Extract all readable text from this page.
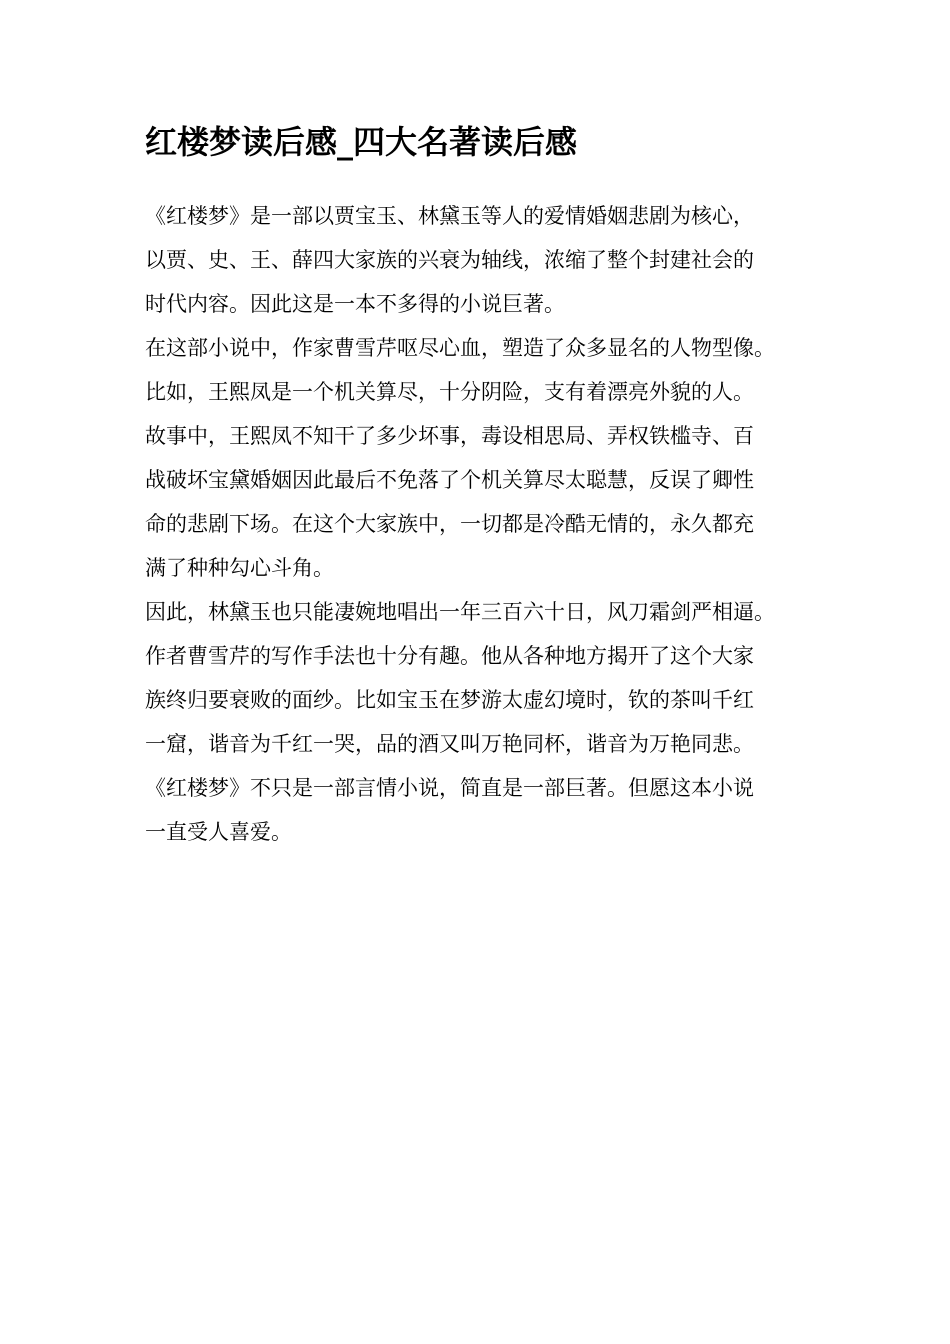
红楼梦读后感_四大名著读后感
《红楼梦》是一部以贾宝玉、林黛玉等人的爱情婚姻悲剧为核心，
以贾、史、王、薛四大家族的兴衰为轴线，浓缩了整个封建社会的
时代内容。因此这是一本不多得的小说巨著。
在这部小说中，作家曹雪芹呕尽心血，塑造了众多显名的人物型像。
比如，王熙凤是一个机关算尽，十分阴险，支有着漂亮外貌的人。
故事中，王熙凤不知干了多少坏事，毒设相思局、弄权铁槛寺、百
战破坏宝黛婚姻因此最后不免落了个机关算尽太聪慧，反误了卿性
命的悲剧下场。在这个大家族中，一切都是冷酷无情的，永久都充
满了种种勾心斗角。
因此，林黛玉也只能凄婉地唱出一年三百六十日，风刀霜剑严相逼。
作者曹雪芹的写作手法也十分有趣。他从各种地方揭开了这个大家
族终归要衰败的面纱。比如宝玉在梦游太虚幻境时，钦的茶叫千红
一窟，谐音为千红一哭，品的酒又叫万艳同杯，谐音为万艳同悲。
《红楼梦》不只是一部言情小说，简直是一部巨著。但愿这本小说
一直受人喜爱。
